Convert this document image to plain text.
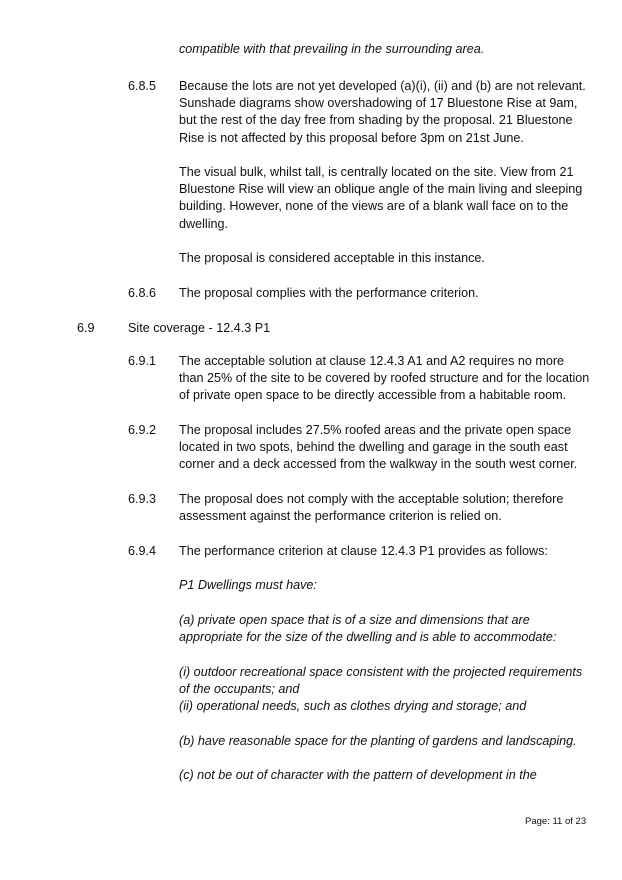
compatible with that prevailing in the surrounding area.
6.8.5 Because the lots are not yet developed (a)(i), (ii) and (b) are not relevant.
Sunshade diagrams show overshadowing of 17 Bluestone Rise at 9am,
but the rest of the day free from shading by the proposal. 21 Bluestone
Rise is not affected by this proposal before 3pm on 21st June.
The visual bulk, whilst tall, is centrally located on the site. View from 21
Bluestone Rise will view an oblique angle of the main living and sleeping
building. However, none of the views are of a blank wall face on to the
dwelling.
The proposal is considered acceptable in this instance.
6.8.6 The proposal complies with the performance criterion.
6.9	Site coverage - 12.4.3 P1
6.9.1 The acceptable solution at clause 12.4.3 A1 and A2 requires no more
than 25% of the site to be covered by roofed structure and for the location
of private open space to be directly accessible from a habitable room.
6.9.2 The proposal includes 27.5% roofed areas and the private open space
located in two spots, behind the dwelling and garage in the south east
corner and a deck accessed from the walkway in the south west corner.
6.9.3 The proposal does not comply with the acceptable solution; therefore
assessment against the performance criterion is relied on.
6.9.4 The performance criterion at clause 12.4.3 P1 provides as follows:
P1 Dwellings must have:
(a) private open space that is of a size and dimensions that are
appropriate for the size of the dwelling and is able to accommodate:
(i) outdoor recreational space consistent with the projected requirements
of the occupants; and
(ii) operational needs, such as clothes drying and storage; and
(b) have reasonable space for the planting of gardens and landscaping.
(c) not be out of character with the pattern of development in the
Page: 11 of 23
